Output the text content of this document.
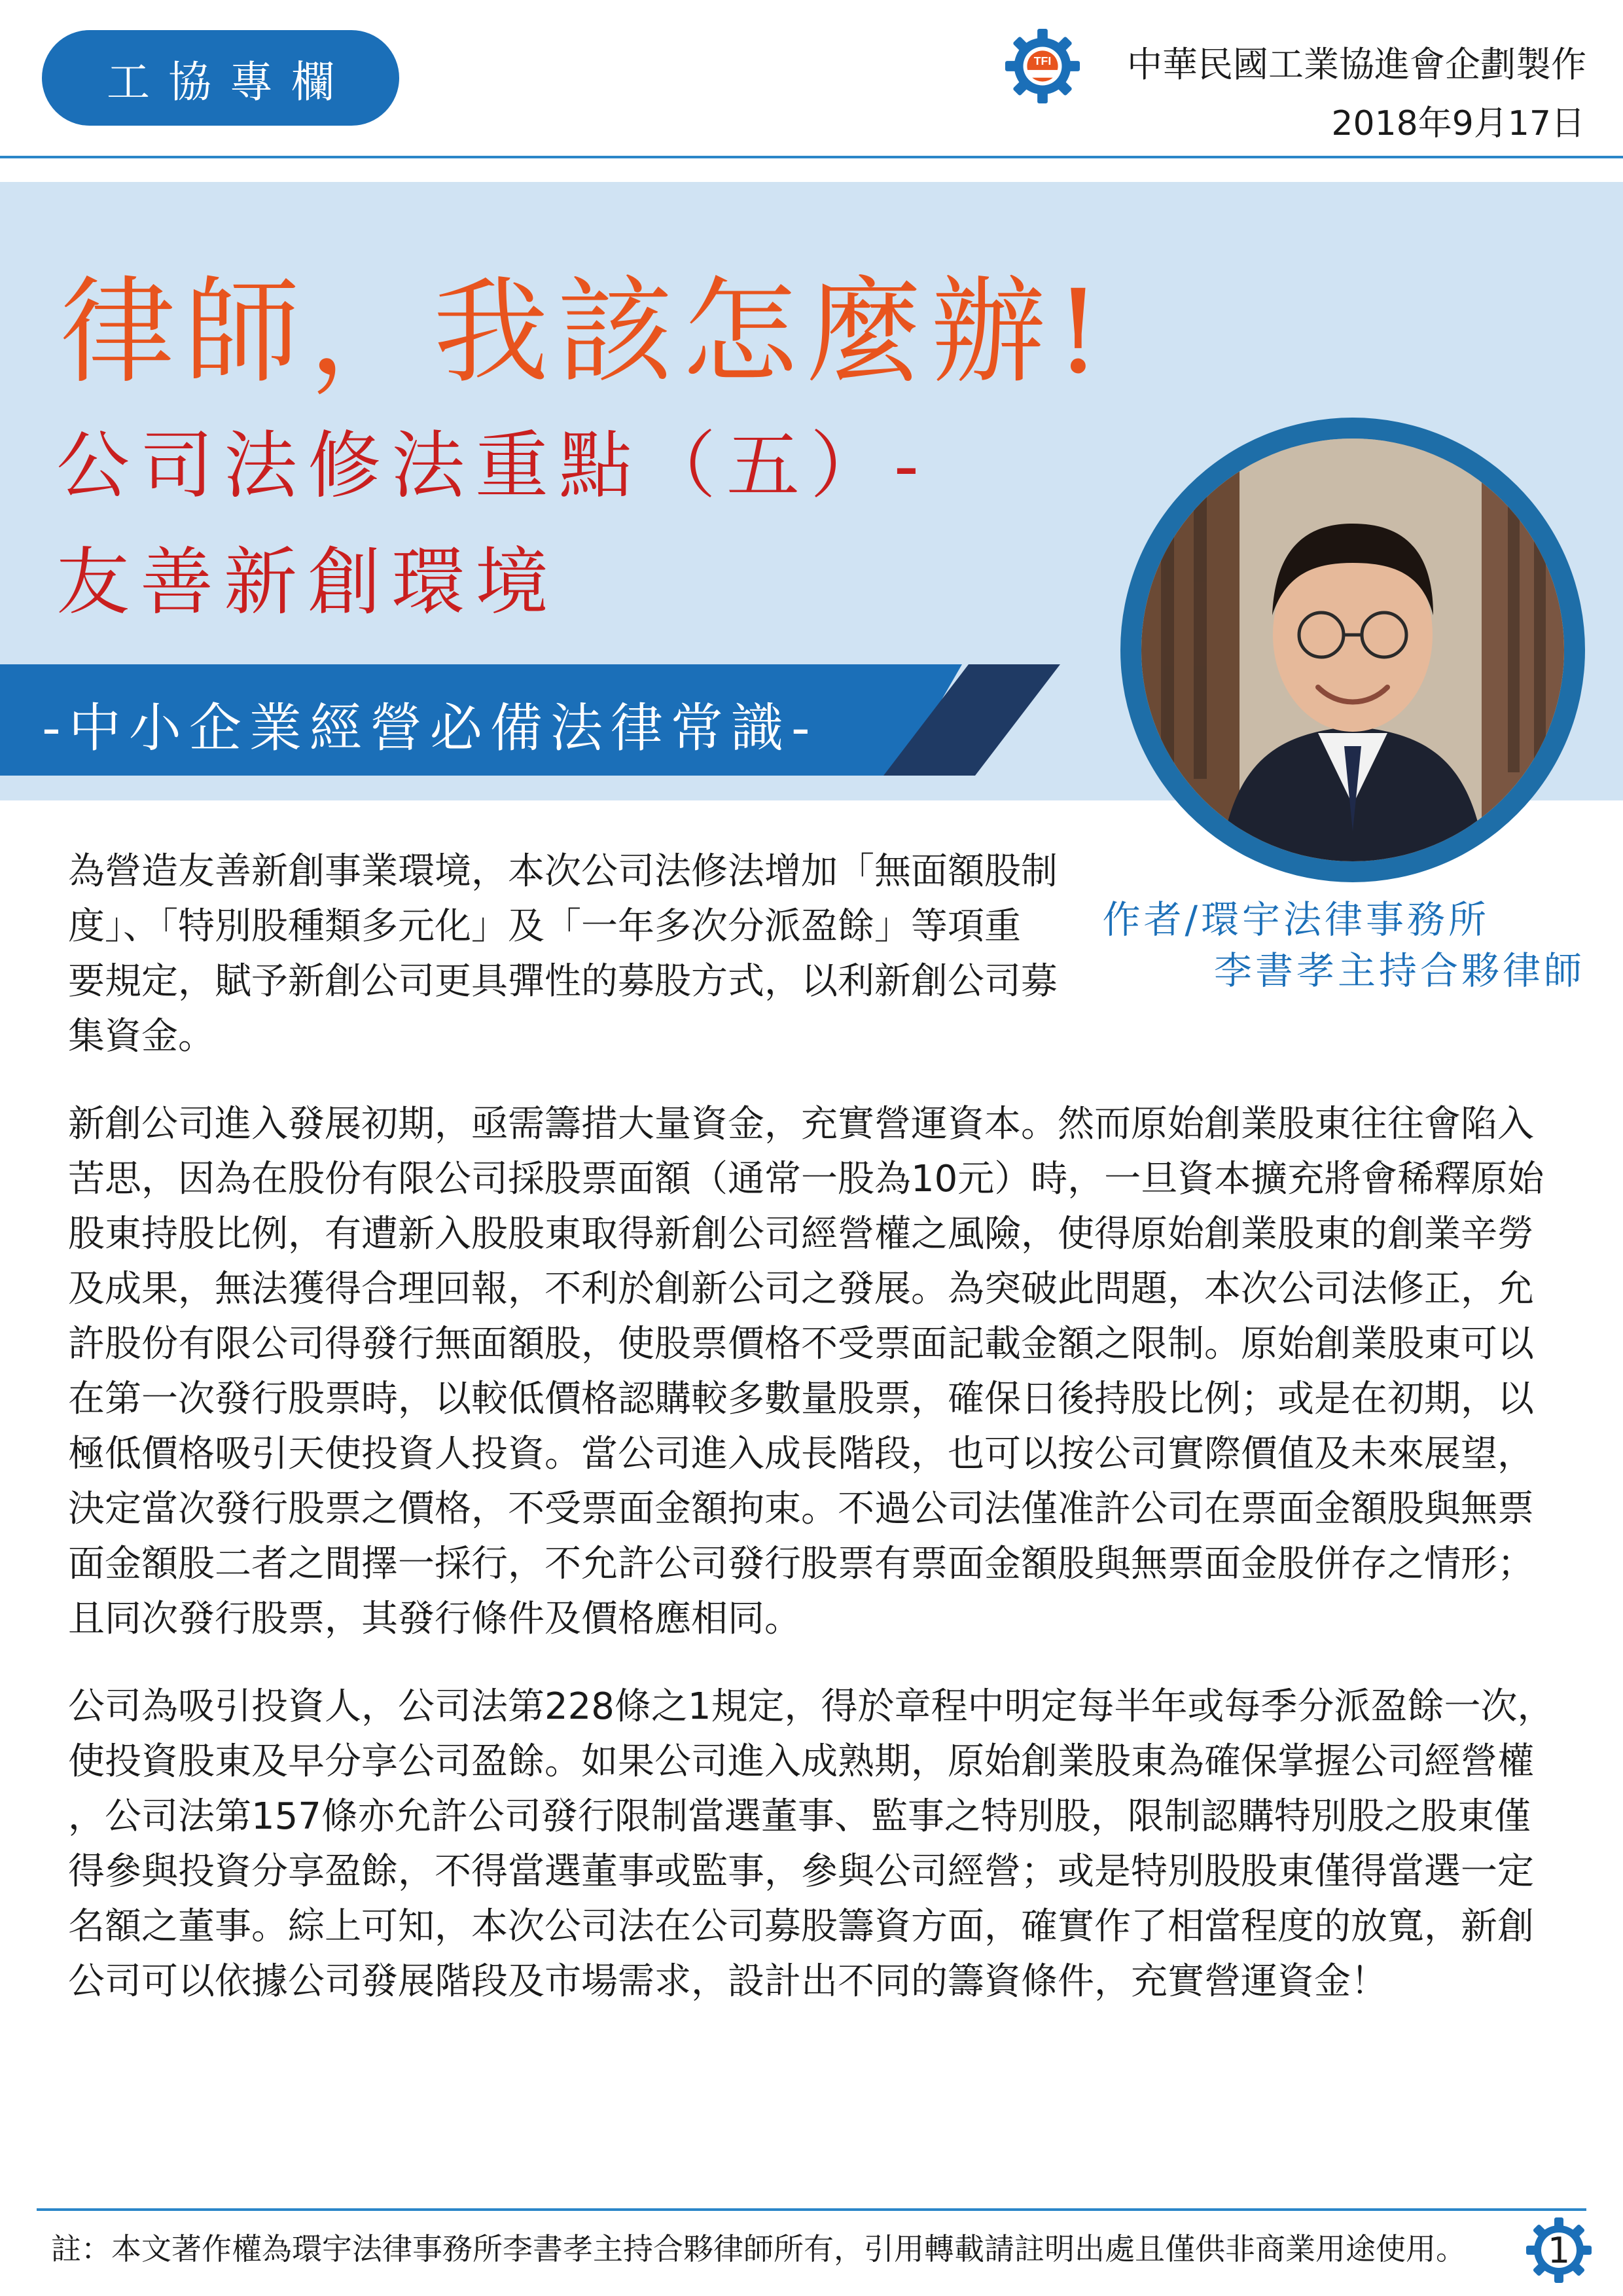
工協專欄	TFI 中華民國工業協進會企劃製作
2018年9月17日
律師，我該怎麼辦!
公司法修法重點（五）-
友善新創環境
-中小企業經營必備法律常識-
作者/環宇法律事務所
李書孝主持合夥律師

為營造友善新創事業環境，本次公司法修法增加「無面額股制
度」、「特別股種類多元化」及「一年多次分派盈餘」等項重
要規定，賦予新創公司更具彈性的募股方式，以利新創公司募
集資金。

新創公司進入發展初期，亟需籌措大量資金，充實營運資本。然而原始創業股東往往會陷入
苦思，因為在股份有限公司採股票面額（通常一股為10元）時，一旦資本擴充將會稀釋原始
股東持股比例，有遭新入股股東取得新創公司經營權之風險，使得原始創業股東的創業辛勞
及成果，無法獲得合理回報，不利於創新公司之發展。為突破此問題，本次公司法修正，允
許股份有限公司得發行無面額股，使股票價格不受票面記載金額之限制。原始創業股東可以
在第一次發行股票時，以較低價格認購較多數量股票，確保日後持股比例；或是在初期，以
極低價格吸引天使投資人投資。當公司進入成長階段，也可以按公司實際價值及未來展望，
決定當次發行股票之價格，不受票面金額拘束。不過公司法僅准許公司在票面金額股與無票
面金額股二者之間擇一採行，不允許公司發行股票有票面金額股與無票面金股併存之情形；
且同次發行股票，其發行條件及價格應相同。

公司為吸引投資人，公司法第228條之1規定，得於章程中明定每半年或每季分派盈餘一次，
使投資股東及早分享公司盈餘。如果公司進入成熟期，原始創業股東為確保掌握公司經營權
，公司法第157條亦允許公司發行限制當選董事、監事之特別股，限制認購特別股之股東僅
得參與投資分享盈餘，不得當選董事或監事，參與公司經營；或是特別股股東僅得當選一定
名額之董事。綜上可知，本次公司法在公司募股籌資方面，確實作了相當程度的放寬，新創
公司可以依據公司發展階段及市場需求，設計出不同的籌資條件，充實營運資金！

註：本文著作權為環宇法律事務所李書孝主持合夥律師所有，引用轉載請註明出處且僅供非商業用途使用。	1
